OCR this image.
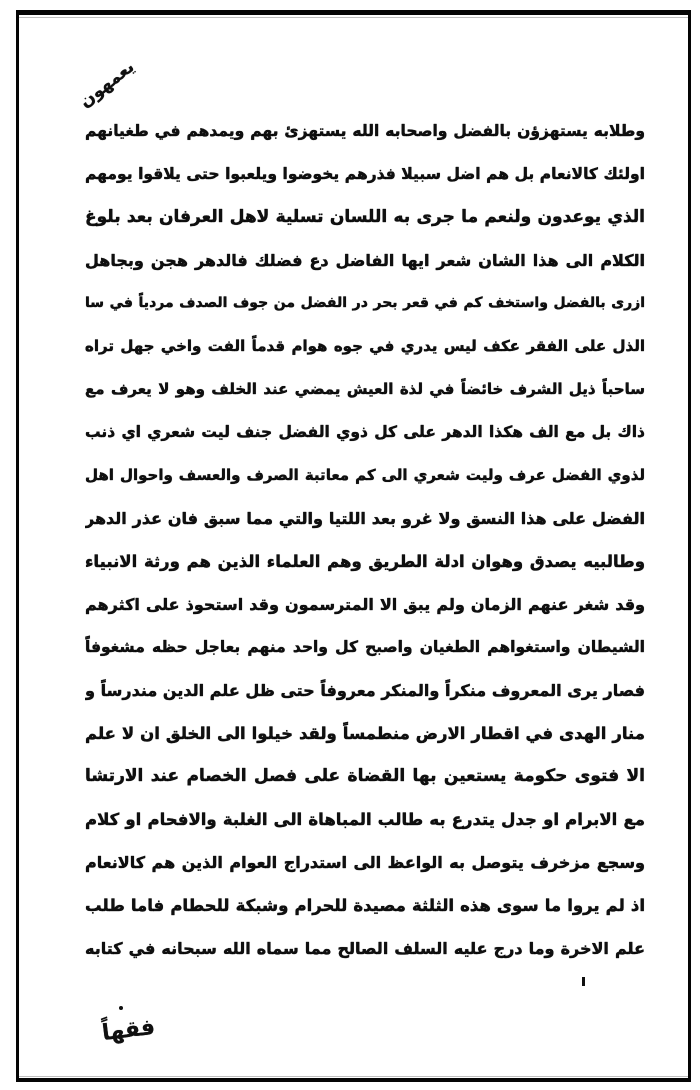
يعمهون
وطلابه يستهزؤن بالفضل واصحابه الله يستهزئ بهم ويمدهم في طغيانهم
اولئك كالانعام بل هم اضل سبيلا فذرهم يخوضوا ويلعبوا حتى يلاقوا يومهم
الذي يوعدون ولنعم ما جرى به اللسان تسلية لاهل العرفان بعد بلوغ
الكلام الى هذا الشان شعر ايها الفاضل دع فضلك فالدهر هجن وبجاهل
ازرى بالفضل واستخف كم في قعر بحر در الفضل من جوف الصدف مردياً في سا
الذل على الفقر عكف ليس يدري في جوه هوام قدماً الفت واخي جهل تراه
ساحباً ذيل الشرف خائضاً في لذة العيش يمضي عند الخلف وهو لا يعرف مع
ذاك بل مع الف هكذا الدهر على كل ذوي الفضل جنف ليت شعري اي ذنب
لذوي الفضل عرف وليت شعري الى كم معاتبة الصرف والعسف واحوال اهل
الفضل على هذا النسق ولا غرو بعد اللتيا والتي مما سبق فان عذر الدهر
وطالبيه يصدق وهوان ادلة الطريق وهم العلماء الذين هم ورثة الانبياء
وقد شغر عنهم الزمان ولم يبق الا المترسمون وقد استحوذ على اكثرهم
الشيطان واستغواهم الطغيان واصبح كل واحد منهم بعاجل حظه مشغوفاً
فصار يرى المعروف منكراً والمنكر معروفاً حتى ظل علم الدين مندرساً و
منار الهدى في اقطار الارض منطمساً ولقد خيلوا الى الخلق ان لا علم
الا فتوى حكومة يستعين بها القضاة على فصل الخصام عند الارتشا
مع الابرام او جدل يتدرع به طالب المباهاة الى الغلبة والافحام او كلام
وسجع مزخرف يتوصل به الواعظ الى استدراج العوام الذين هم كالانعام
اذ لم يروا ما سوى هذه الثلثة مصيدة للحرام وشبكة للحطام فاما طلب
علم الاخرة وما درج عليه السلف الصالح مما سماه الله سبحانه في كتابه
فقهاً
